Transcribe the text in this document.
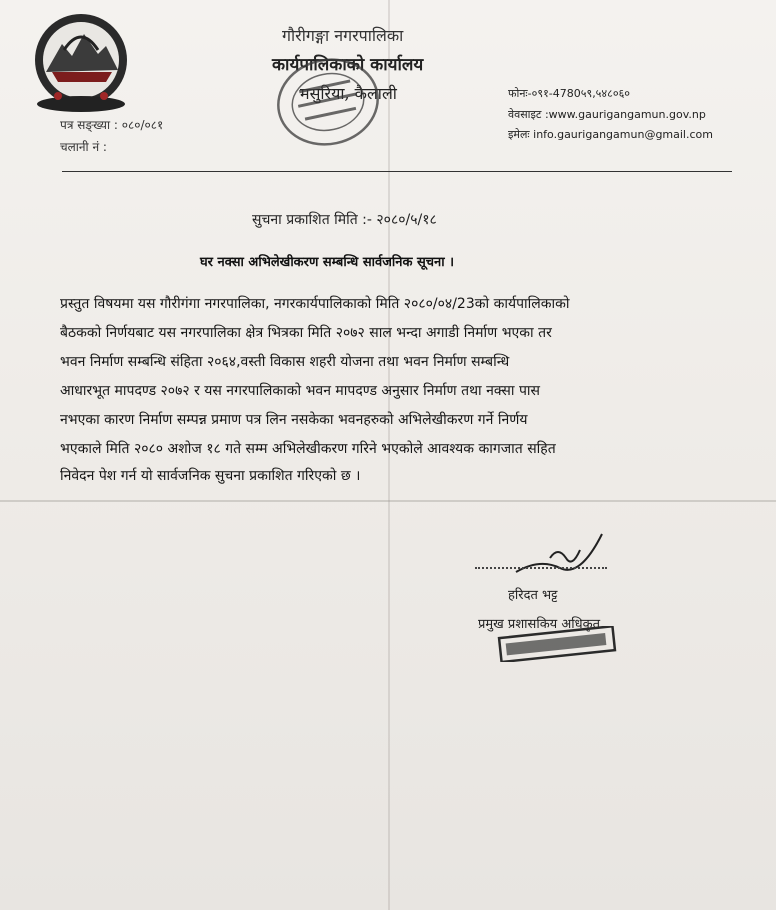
गौरीगङ्गा नगरपालिका
कार्यपालिकाको कार्यालय
मसुरिया, कैलाली
पत्र सङ्ख्या : ०८०/०८१
चलानी नं :
फोनः-०९१-4780५९,५४८०६०
वेवसाइट :www.gaurigangamun.gov.np
इमेलः info.gaurigangamun@gmail.com
सुचना प्रकाशित मिति :- २०८०/५/१८
घर नक्सा अभिलेखीकरण सम्बन्धि सार्वजनिक सूचना ।
प्रस्तुत विषयमा यस गौरीगंगा नगरपालिका, नगरकार्यपालिकाको मिति २०८०/०४/23को कार्यपालिकाको
बैठकको निर्णयबाट यस नगरपालिका क्षेत्र भित्रका मिति २०७२ साल भन्दा अगाडी निर्माण भएका तर
भवन निर्माण सम्बन्धि संहिता २०६४,वस्ती विकास शहरी योजना तथा भवन निर्माण सम्बन्धि
आधारभूत मापदण्ड २०७२ र यस नगरपालिकाको भवन मापदण्ड अनुसार निर्माण तथा नक्सा पास
नभएका कारण निर्माण सम्पन्न प्रमाण पत्र लिन नसकेका भवनहरुको अभिलेखीकरण गर्ने निर्णय
भएकाले मिति २०८० अशोज १८ गते सम्म अभिलेखीकरण गरिने भएकोले आवश्यक कागजात सहित
निवेदन पेश गर्न यो सार्वजनिक सुचना प्रकाशित गरिएको छ ।
हरिदत भट्ट
प्रमुख प्रशासकिय अधिकृत
